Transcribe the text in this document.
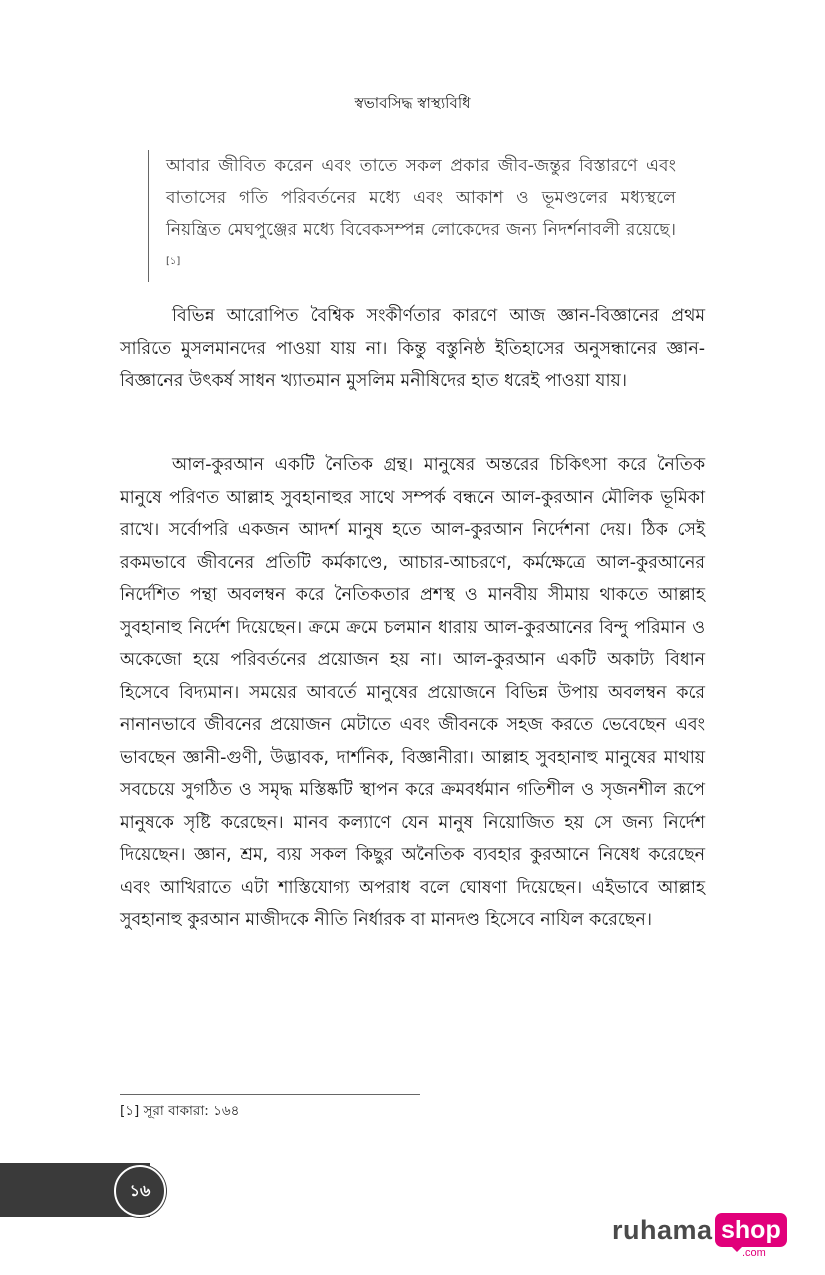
স্বভাবসিদ্ধ স্বাস্থ্যবিধি
আবার জীবিত করেন এবং তাতে সকল প্রকার জীব-জন্তুর বিস্তারণে এবং বাতাসের গতি পরিবর্তনের মধ্যে এবং আকাশ ও ভূমণ্ডলের মধ্যস্থলে নিয়ন্ত্রিত মেঘপুঞ্জের মধ্যে বিবেকসম্পন্ন লোকেদের জন্য নিদর্শনাবলী রয়েছে।[১]
বিভিন্ন আরোপিত বৈশ্বিক সংকীর্ণতার কারণে আজ জ্ঞান-বিজ্ঞানের প্রথম সারিতে মুসলমানদের পাওয়া যায় না। কিন্তু বস্তুনিষ্ঠ ইতিহাসের অনুসন্ধানের জ্ঞান-বিজ্ঞানের উৎকর্ষ সাধন খ্যাতমান মুসলিম মনীষিদের হাত ধরেই পাওয়া যায়।
আল-কুরআন একটি নৈতিক গ্রন্থ। মানুষের অন্তরের চিকিৎসা করে নৈতিক মানুষে পরিণত আল্লাহ সুবহানাহুর সাথে সম্পর্ক বন্ধনে আল-কুরআন মৌলিক ভূমিকা রাখে। সর্বোপরি একজন আদর্শ মানুষ হতে আল-কুরআন নির্দেশনা দেয়। ঠিক সেই রকমভাবে জীবনের প্রতিটি কর্মকাণ্ডে, আচার-আচরণে, কর্মক্ষেত্রে আল-কুরআনের নির্দেশিত পন্থা অবলম্বন করে নৈতিকতার প্রশস্থ ও মানবীয় সীমায় থাকতে আল্লাহ সুবহানাহু নির্দেশ দিয়েছেন। ক্রমে ক্রমে চলমান ধারায় আল-কুরআনের বিন্দু পরিমান ও অকেজো হয়ে পরিবর্তনের প্রয়োজন হয় না। আল-কুরআন একটি অকাট্য বিধান হিসেবে বিদ্যমান। সময়ের আবর্তে মানুষের প্রয়োজনে বিভিন্ন উপায় অবলম্বন করে নানানভাবে জীবনের প্রয়োজন মেটাতে এবং জীবনকে সহজ করতে ভেবেছেন এবং ভাবছেন জ্ঞানী-গুণী, উদ্ভাবক, দার্শনিক, বিজ্ঞানীরা। আল্লাহ সুবহানাহু মানুষের মাথায় সবচেয়ে সুগঠিত ও সমৃদ্ধ মস্তিষ্কটি স্থাপন করে ক্রমবর্ধমান গতিশীল ও সৃজনশীল রূপে মানুষকে সৃষ্টি করেছেন। মানব কল্যাণে যেন মানুষ নিয়োজিত হয় সে জন্য নির্দেশ দিয়েছেন। জ্ঞান, শ্রম, ব্যয় সকল কিছুর অনৈতিক ব্যবহার কুরআনে নিষেধ করেছেন এবং আখিরাতে এটা শাস্তিযোগ্য অপরাধ বলে ঘোষণা দিয়েছেন। এইভাবে আল্লাহ সুবহানাহু কুরআন মাজীদকে নীতি নির্ধারক বা মানদণ্ড হিসেবে নাযিল করেছেন।
[১] সূরা বাকারা: ১৬৪
১৬
ruhama shop
.com
